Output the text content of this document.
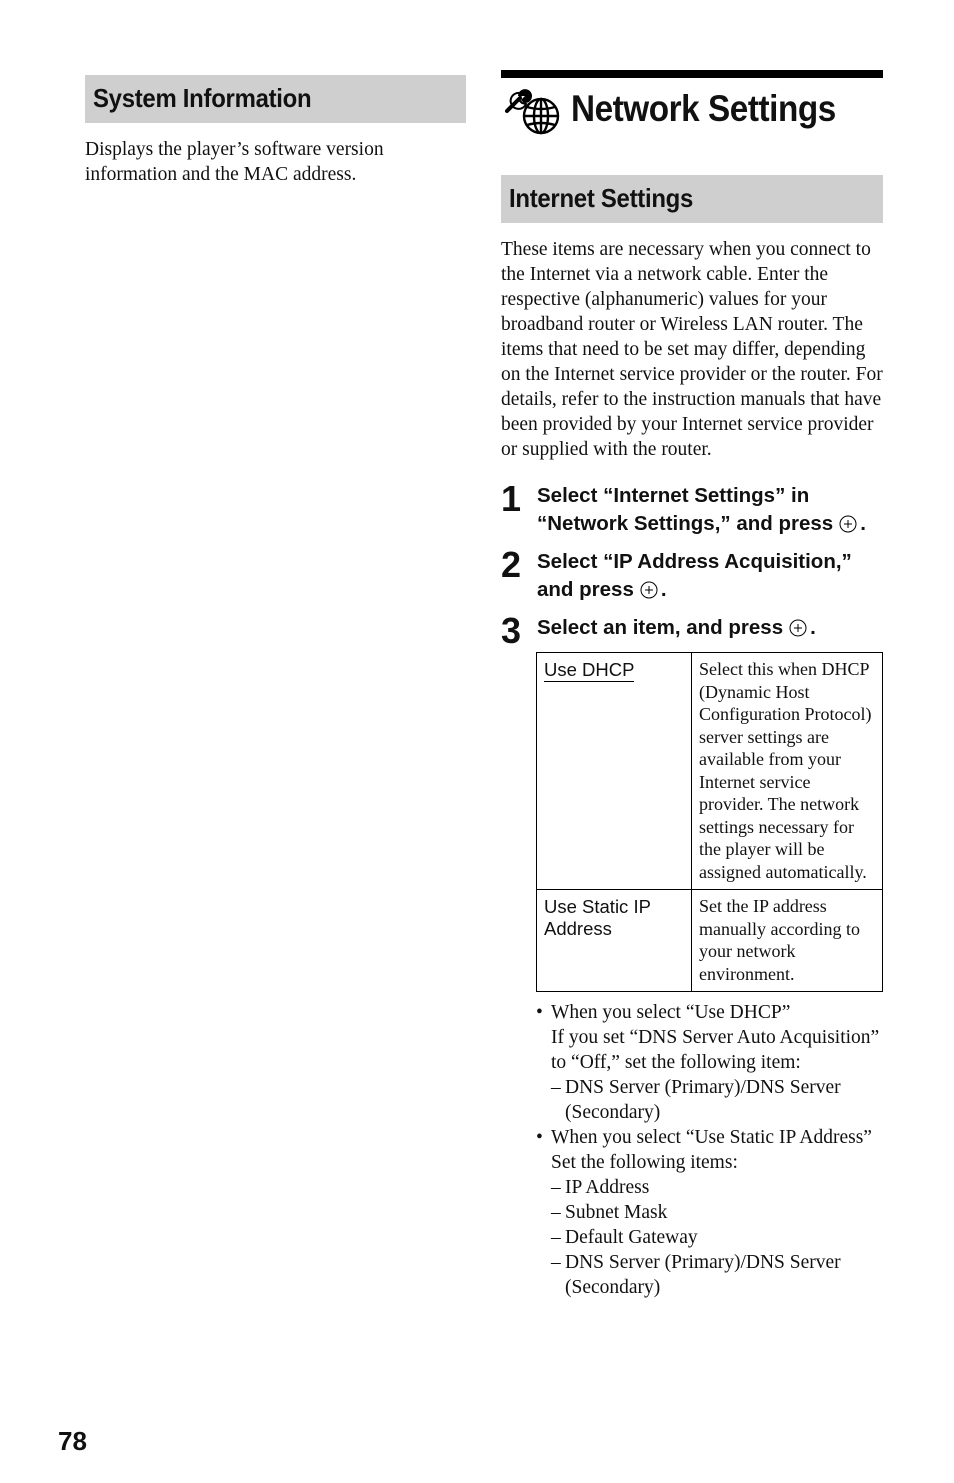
System Information

Displays the player’s software version information and the MAC address.

Network Settings
Internet Settings

These items are necessary when you connect to the Internet via a network cable. Enter the respective (alphanumeric) values for your broadband router or Wireless LAN router. The items that need to be set may differ, depending on the Internet service provider or the router. For details, refer to the instruction manuals that have been provided by your Internet service provider or supplied with the router.

1 Select “Internet Settings” in “Network Settings,” and press .
2 Select “IP Address Acquisition,” and press .
3 Select an item, and press .
Use DHCP	Select this when DHCP (Dynamic Host Configuration Protocol) server settings are available from your Internet service provider. The network settings necessary for the player will be assigned automatically.
Use Static IP Address	Set the IP address manually according to your network environment.
• When you select “Use DHCP”
If you set “DNS Server Auto Acquisition” to “Off,” set the following item:
– DNS Server (Primary)/DNS Server (Secondary)
• When you select “Use Static IP Address”
Set the following items:
– IP Address
– Subnet Mask
– Default Gateway
– DNS Server (Primary)/DNS Server (Secondary)
78
